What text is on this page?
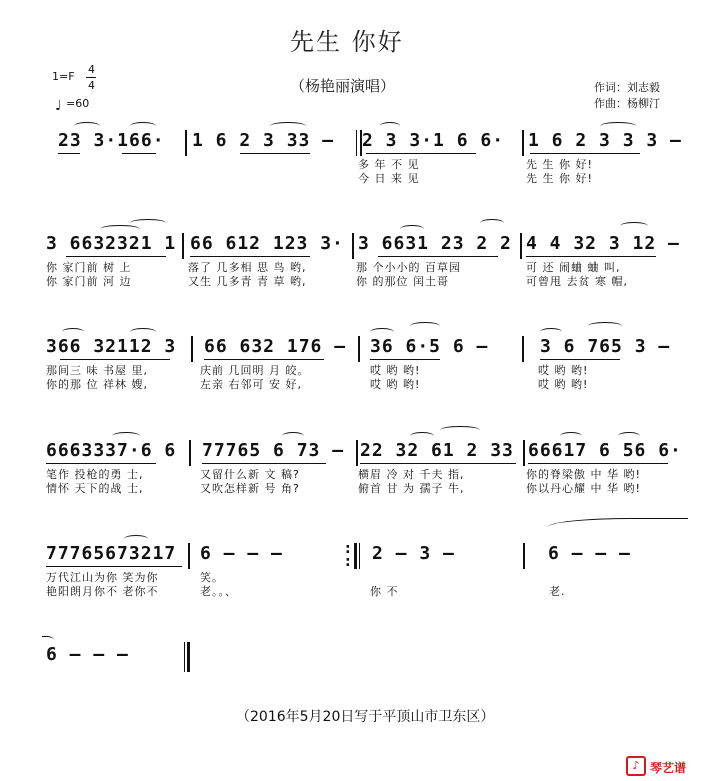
先生 你好
（杨艳丽演唱）
1=F
4
4
♩ =60
作词：刘志毅
作曲：杨柳汀
23 3·166· 1 6 2 3 33 – 2 3 3·1 6 6·
多 年 不 见
今 日 来 见
1 6 2 3 3 3 –
先 生 你 好!
先 生 你 好!
3 6632321 1
你 家门前 树 上
你 家门前 河 边
66 612 123 3·
落了 几多相 思 鸟 哟,
又生 几多青 青 草 哟,
3 6631 23 2 2
那 个小小的 百草园
你 的那位 闰土哥
4 4 32 3 12 –
可 还 闹蛐 蛐 叫,
可曾甩 去贫 寒 帽,
366 32112 3
那间三 味 书屋 里,
你的那 位 祥林 嫂,
66 632 176 –
庆前 几回明 月 皎。
左亲 右邻可 安 好,
36 6·5 6 –
哎 哟 哟!
哎 哟 哟!
3 6 765 3 –
哎 哟 哟!
哎 哟 哟!
6663337·6 6
笔作 投枪的勇 士,
情怀 天下的战 士,
77765 6 73 –
又留什么新 文 稿?
又吹怎样新 号 角?
22 32 61 2 33
横眉 冷 对 千夫 指,
俯首 甘 为 孺子 牛,
66617 6 56 6·
你的脊梁傲 中 华 哟!
你以丹心耀 中 华 哟!
77765673217
万代江山为你 笑为你
艳阳朗月你不 老你不
6 – – –
笑。
老。。、
:
: 2 – 3 –
你 不
6 – – –
老.
6 – – –
（2016年5月20日写于平顶山市卫东区）
♪ 琴艺谱
